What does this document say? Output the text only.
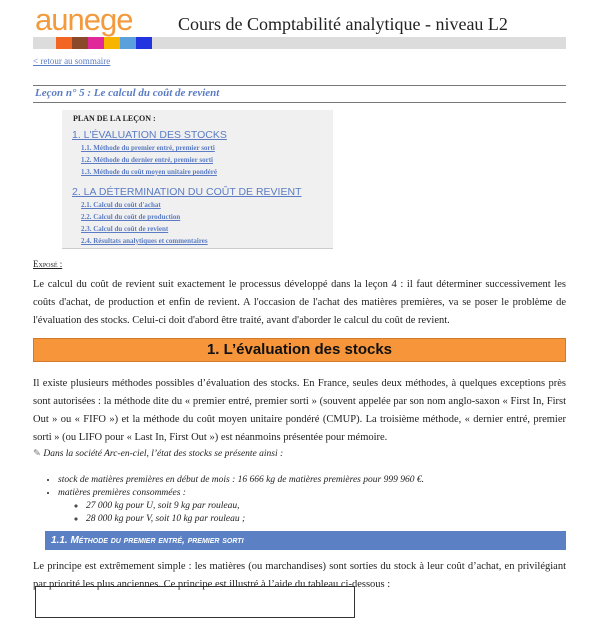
aunege	Cours de Comptabilité analytique - niveau L2
< retour au sommaire
Leçon n° 5 : Le calcul du coût de revient
PLAN DE LA LEÇON :
1. L'ÉVALUATION DES STOCKS
1.1. Méthode du premier entré, premier sorti
1.2. Méthode du dernier entré, premier sorti
1.3. Méthode du coût moyen unitaire pondéré
2. LA DÉTERMINATION DU COÛT DE REVIENT
2.1. Calcul du coût d'achat
2.2. Calcul du coût de production
2.3. Calcul du coût de revient
2.4. Résultats analytiques et commentaires
Exposé :
Le calcul du coût de revient suit exactement le processus développé dans la leçon 4 : il faut déterminer successivement les coûts d'achat, de production et enfin de revient. A l'occasion de l'achat des matières premières, va se poser le problème de l'évaluation des stocks. Celui-ci doit d'abord être traité, avant d'aborder le calcul du coût de revient.
1. L’évaluation des stocks
Il existe plusieurs méthodes possibles d’évaluation des stocks. En France, seules deux méthodes, à quelques exceptions près sont autorisées : la méthode dite du « premier entré, premier sorti » (souvent appelée par son nom anglo-saxon « First In, First Out » ou « FIFO ») et la méthode du coût moyen unitaire pondéré (CMUP). La troisième méthode, « dernier entré, premier sorti » (ou LIFO pour « Last In, First Out ») est néanmoins présentée pour mémoire.
✎ Dans la société Arc-en-ciel, l’état des stocks se présente ainsi :
• stock de matières premières en début de mois : 16 666 kg de matières premières pour 999 960 €.
• matières premières consommées :
◦ 27 000 kg pour U, soit 9 kg par rouleau,
◦ 28 000 kg pour V, soit 10 kg par rouleau ;
1.1. Méthode du premier entré, premier sorti
Le principe est extrêmement simple : les matières (ou marchandises) sont sorties du stock à leur coût d’achat, en privilégiant par priorité les plus anciennes. Ce principe est illustré à l’aide du tableau ci-dessous :
